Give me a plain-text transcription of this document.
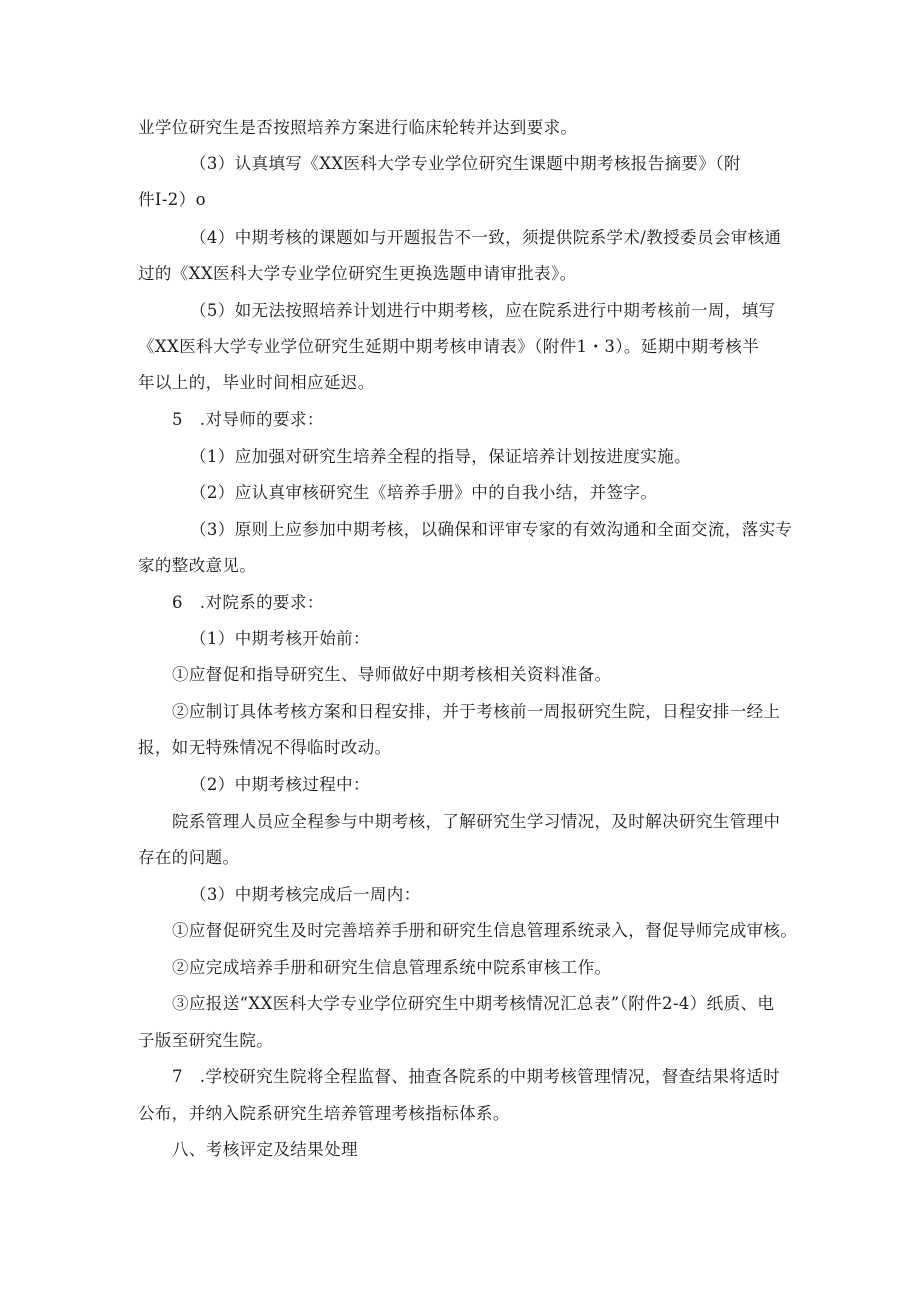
业学位研究生是否按照培养方案进行临床轮转并达到要求。
（3）认真填写《XX医科大学专业学位研究生课题中期考核报告摘要》（附
件I-2）o
（4）中期考核的课题如与开题报告不一致，须提供院系学术/教授委员会审核通
过的《XX医科大学专业学位研究生更换选题申请审批表》。
（5）如无法按照培养计划进行中期考核，应在院系进行中期考核前一周，填写
《XX医科大学专业学位研究生延期中期考核申请表》（附件1・3）。延期中期考核半
年以上的，毕业时间相应延迟。
5　.对导师的要求：
（1）应加强对研究生培养全程的指导，保证培养计划按进度实施。
（2）应认真审核研究生《培养手册》中的自我小结，并签字。
（3）原则上应参加中期考核，以确保和评审专家的有效沟通和全面交流，落实专
家的整改意见。
6　.对院系的要求：
（1）中期考核开始前：
①应督促和指导研究生、导师做好中期考核相关资料准备。
②应制订具体考核方案和日程安排，并于考核前一周报研究生院，日程安排一经上
报，如无特殊情况不得临时改动。
（2）中期考核过程中：
院系管理人员应全程参与中期考核，了解研究生学习情况，及时解决研究生管理中
存在的问题。
（3）中期考核完成后一周内：
①应督促研究生及时完善培养手册和研究生信息管理系统录入，督促导师完成审核。
②应完成培养手册和研究生信息管理系统中院系审核工作。
③应报送“XX医科大学专业学位研究生中期考核情况汇总表”（附件2-4）纸质、电
子版至研究生院。
7　.学校研究生院将全程监督、抽查各院系的中期考核管理情况，督查结果将适时
公布，并纳入院系研究生培养管理考核指标体系。
八、考核评定及结果处理
